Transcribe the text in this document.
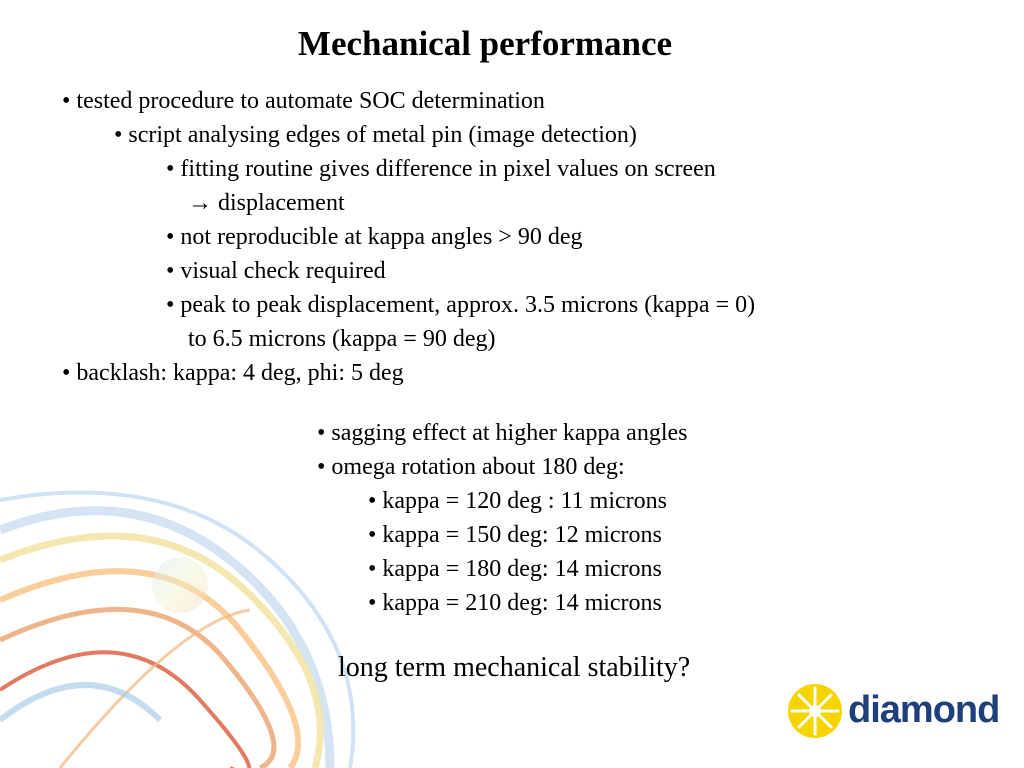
Mechanical performance
• tested procedure to automate SOC determination
• script analysing edges of metal pin (image detection)
• fitting routine gives difference in pixel values on screen
→ displacement
• not reproducible at kappa angles > 90 deg
• visual check required
• peak to peak displacement, approx. 3.5 microns (kappa = 0)
to 6.5 microns (kappa = 90 deg)
• backlash: kappa: 4 deg, phi: 5 deg
• sagging effect at higher kappa angles
• omega rotation about 180 deg:
• kappa = 120 deg : 11 microns
• kappa = 150 deg: 12 microns
• kappa = 180 deg: 14 microns
• kappa = 210 deg: 14 microns
long term mechanical stability?
diamond
